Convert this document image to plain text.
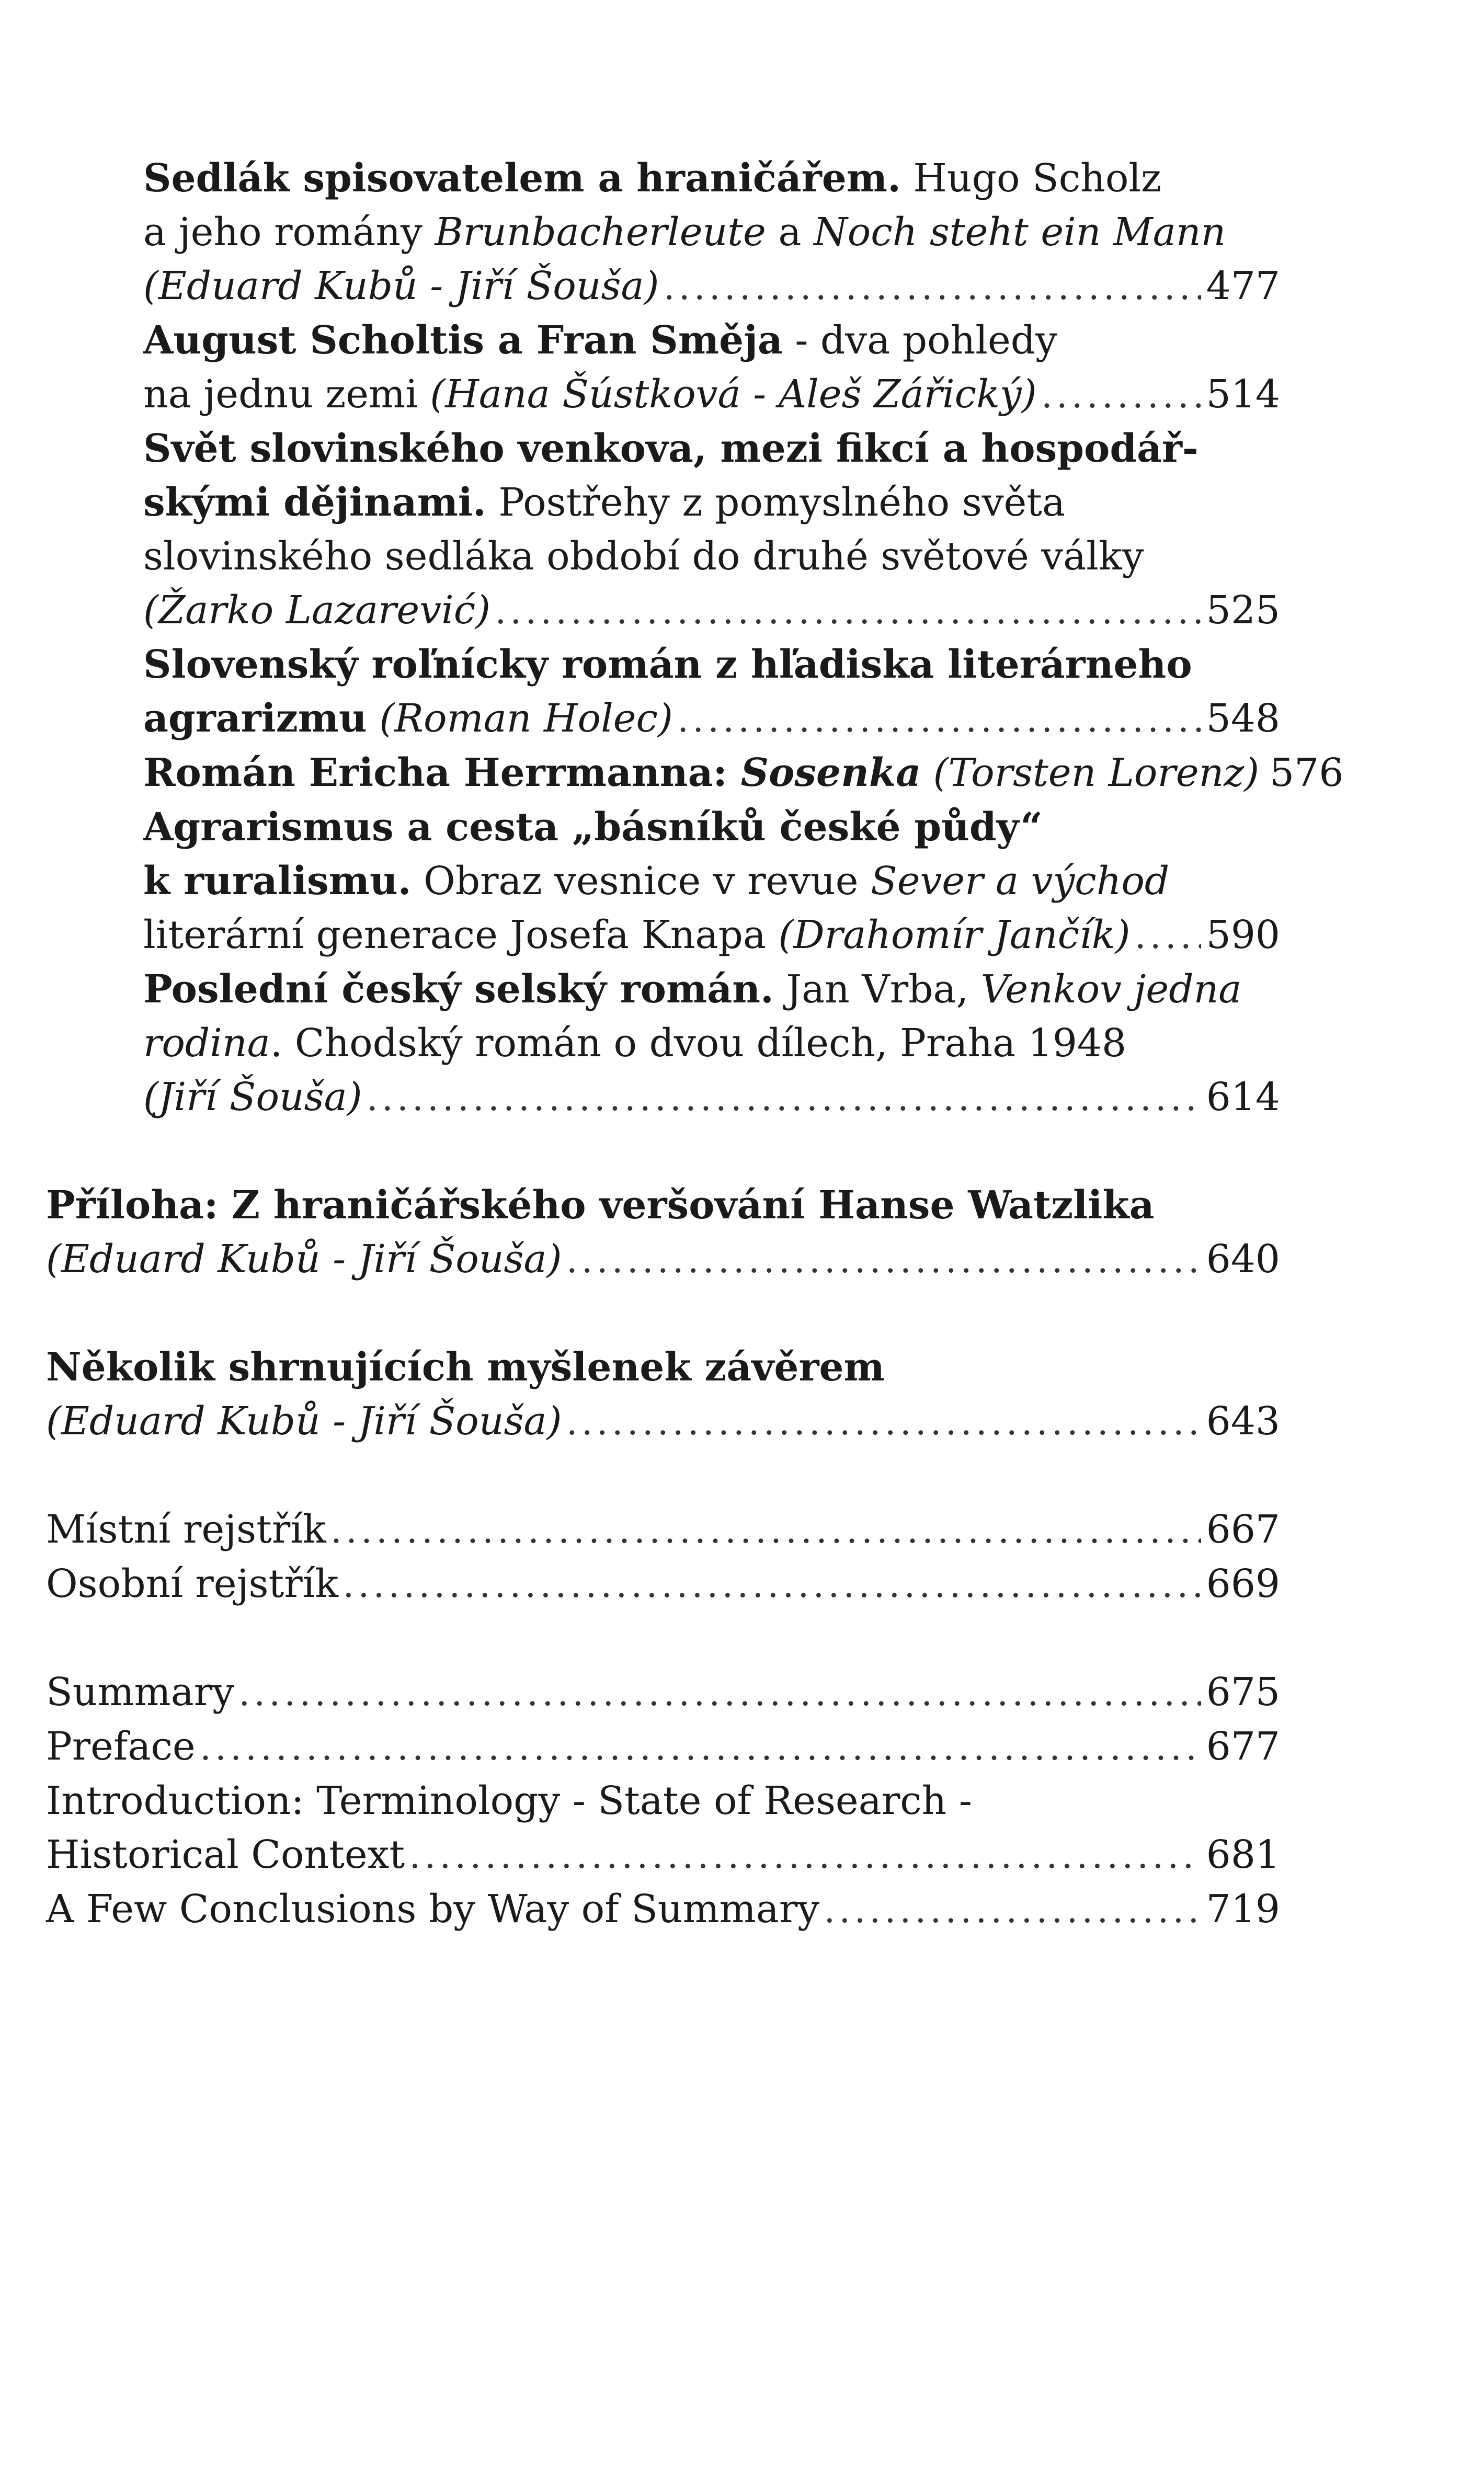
Sedlák spisovatelem a hraničářem. Hugo Scholz
a jeho romány Brunbacherleute a Noch steht ein Mann
(Eduard Kubů - Jiří Šouša) . . .	477
August Scholtis a Fran Směja - dva pohledy
na jednu zemi (Hana Šústková - Aleš Zářický) . . .	514
Svět slovinského venkova, mezi fikcí a hospodář-
skými dějinami. Postřehy z pomyslného světa
slovinského sedláka období do druhé světové války
(Žarko Lazarević) . . .	525
Slovenský roľnícky román z hľadiska literárneho
agrarizmu (Roman Holec) . . .	548
Román Ericha Herrmanna: Sosenka (Torsten Lorenz) 576
Agrarismus a cesta „básníků české půdy“
k ruralismu. Obraz vesnice v revue Sever a východ
literární generace Josefa Knapa (Drahomír Jančík) . . . 590
Poslední český selský román. Jan Vrba, Venkov jedna
rodina. Chodský román o dvou dílech, Praha 1948
(Jiří Šouša) . . .	614
Příloha: Z hraničářského veršování Hanse Watzlika
(Eduard Kubů - Jiří Šouša) . . .	640
Několik shrnujících myšlenek závěrem
(Eduard Kubů - Jiří Šouša) . . .	643
Místní rejstřík . . .	667
Osobní rejstřík . . .	669
Summary . . .	675
Preface . . .	677
Introduction: Terminology - State of Research -
Historical Context . . .	681
A Few Conclusions by Way of Summary . . .	719
